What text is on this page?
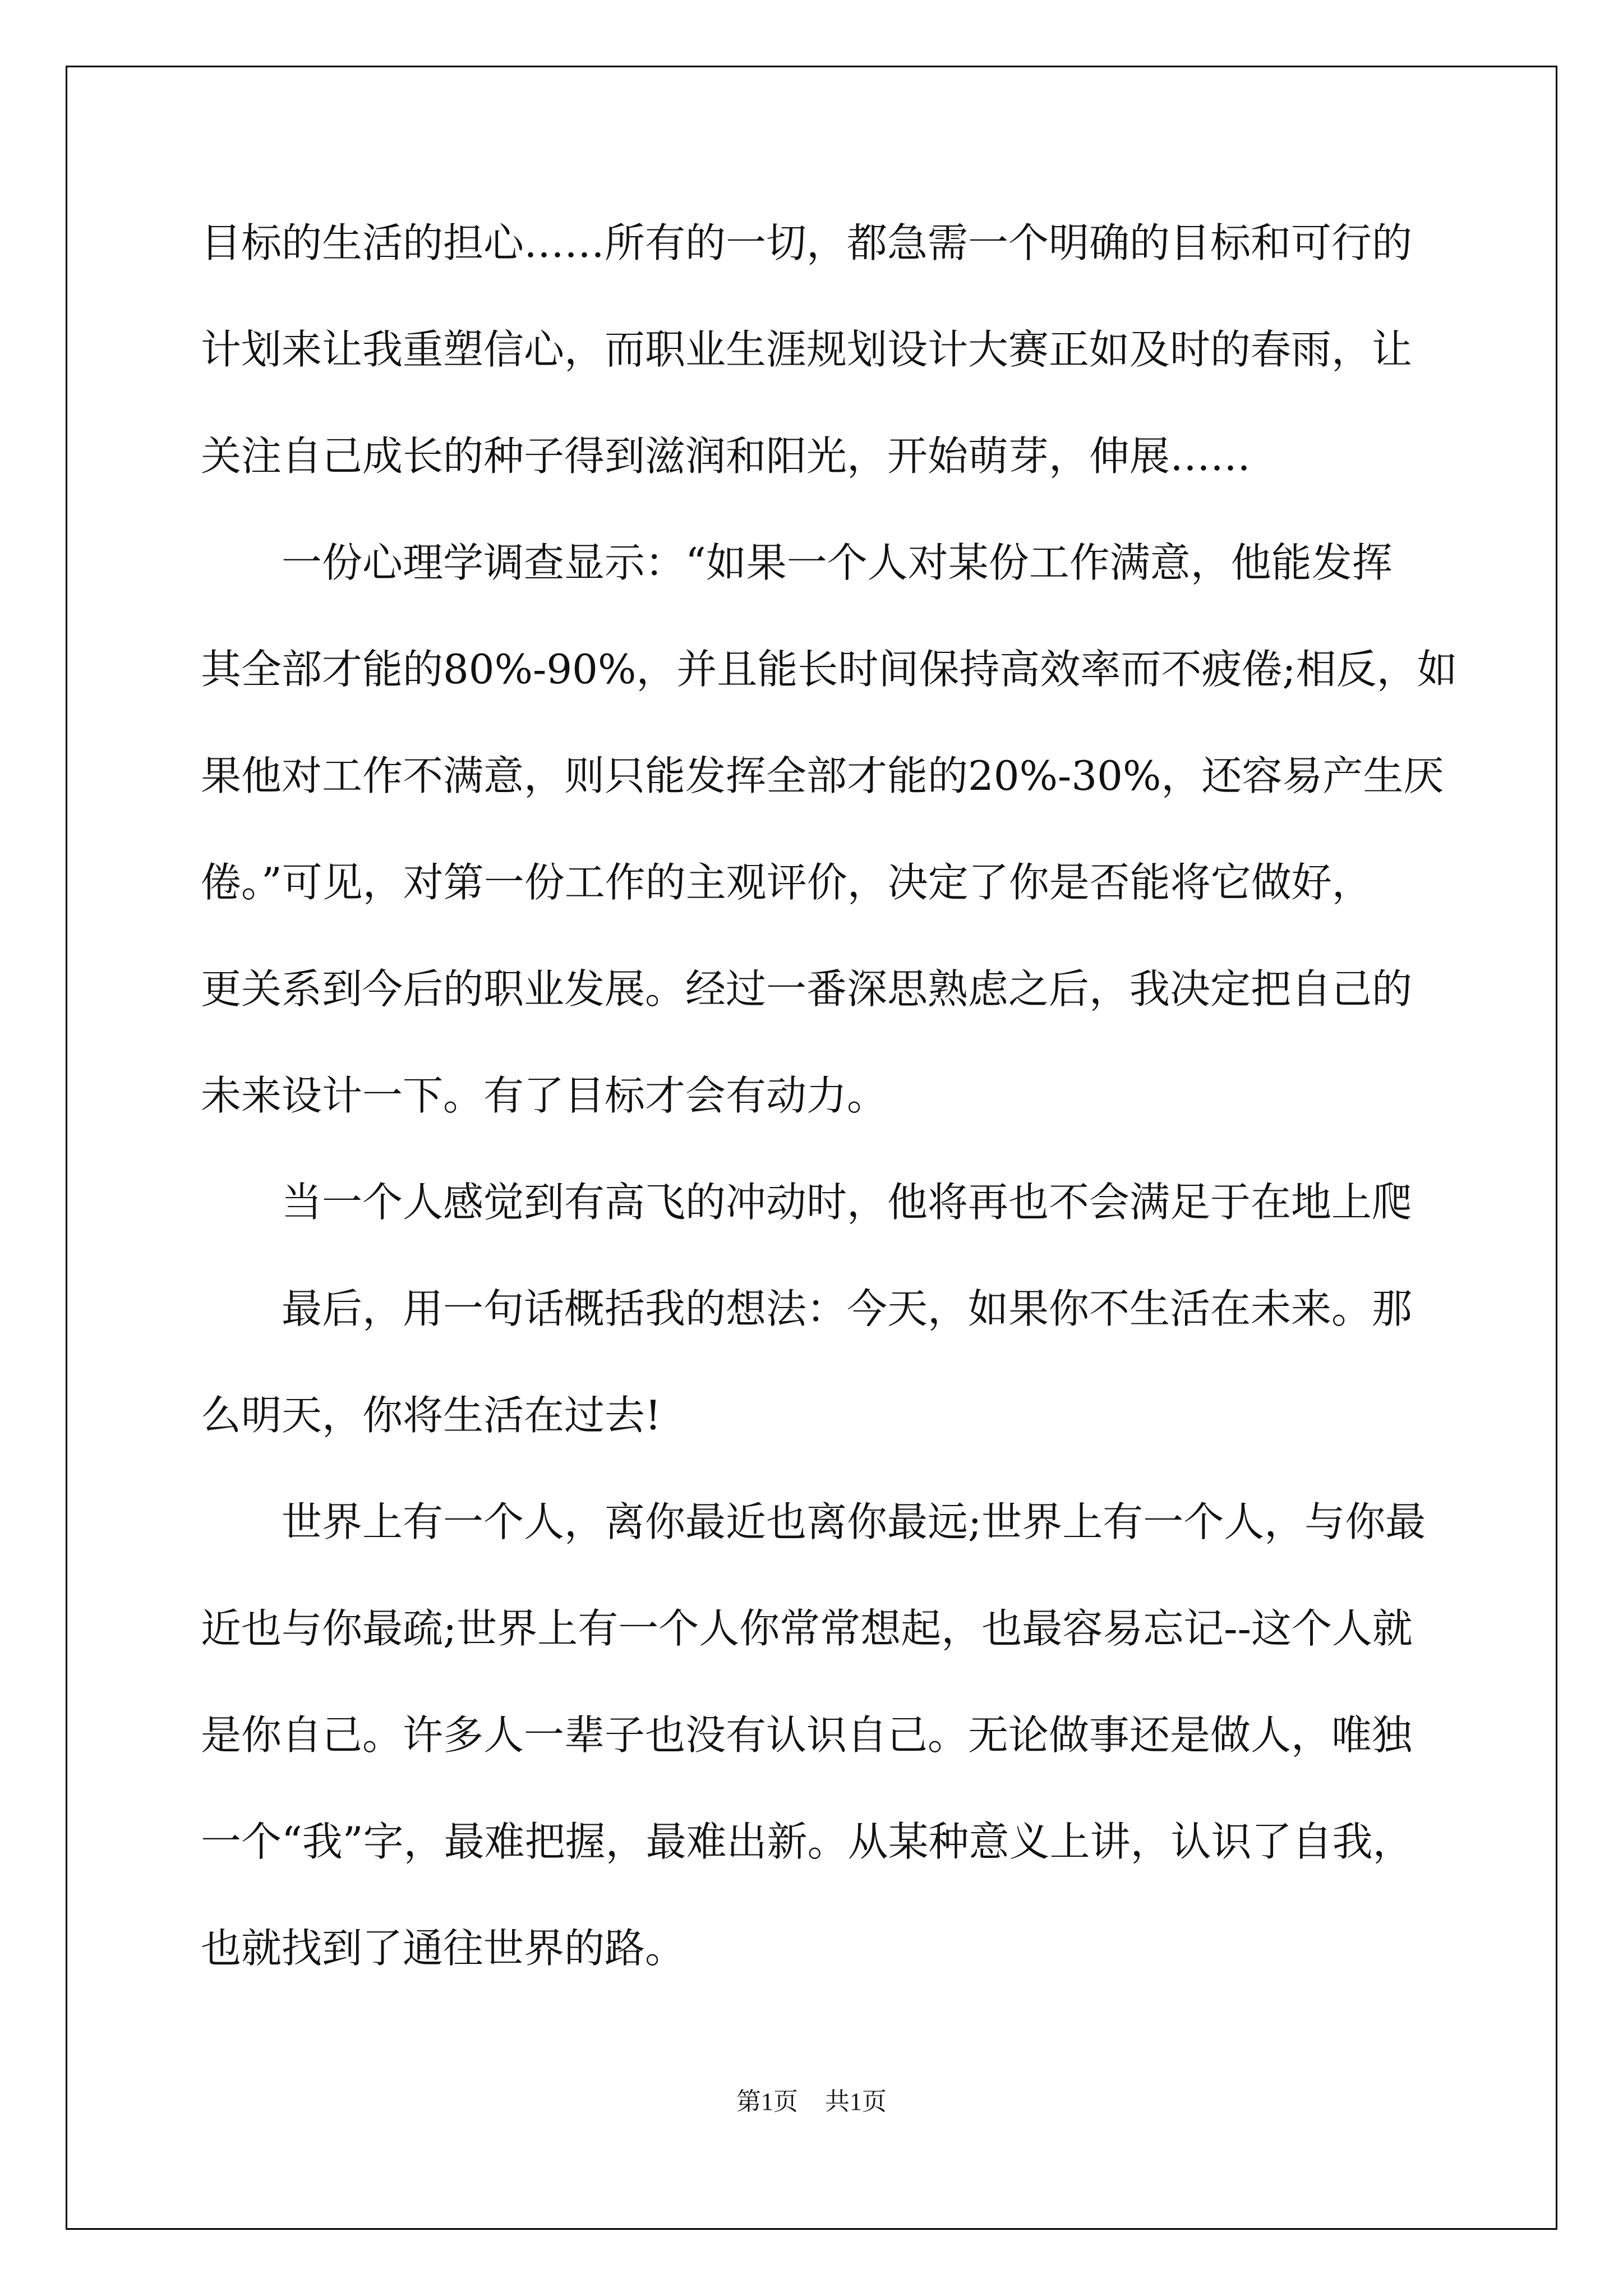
目标的生活的担心……所有的一切，都急需一个明确的目标和可行的
计划来让我重塑信心，而职业生涯规划设计大赛正如及时的春雨，让
关注自己成长的种子得到滋润和阳光，开始萌芽，伸展……
一份心理学调查显示：“如果一个人对某份工作满意，他能发挥
其全部才能的80%-90%，并且能长时间保持高效率而不疲倦;相反，如
果他对工作不满意，则只能发挥全部才能的20%-30%，还容易产生厌
倦。”可见，对第一份工作的主观评价，决定了你是否能将它做好，
更关系到今后的职业发展。经过一番深思熟虑之后，我决定把自己的
未来设计一下。有了目标才会有动力。
当一个人感觉到有高飞的冲动时，他将再也不会满足于在地上爬
最后，用一句话概括我的想法：今天，如果你不生活在未来。那
么明天，你将生活在过去!
世界上有一个人，离你最近也离你最远;世界上有一个人，与你最
近也与你最疏;世界上有一个人你常常想起，也最容易忘记--这个人就
是你自己。许多人一辈子也没有认识自己。无论做事还是做人，唯独
一个“我”字，最难把握，最难出新。从某种意义上讲，认识了自我，
也就找到了通往世界的路。
第1页 共1页
